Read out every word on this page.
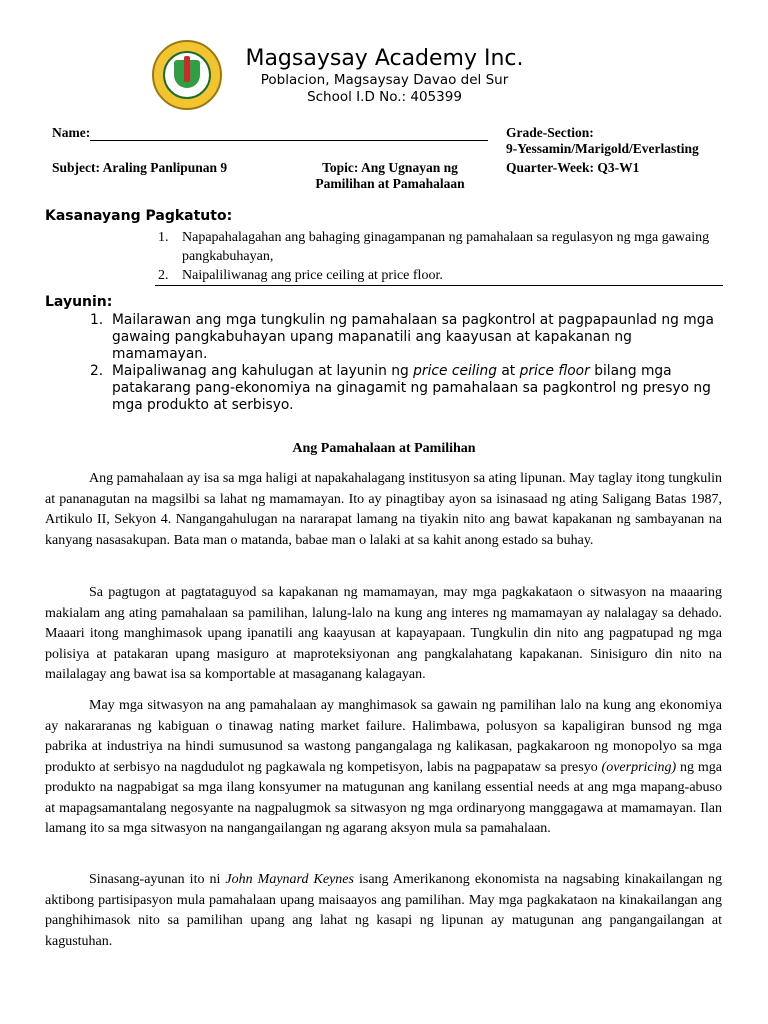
Magsaysay Academy Inc.
Poblacion, Magsaysay Davao del Sur
School I.D No.: 405399
Name:	Grade-Section:
9-Yessamin/Marigold/Everlasting
Subject: Araling Panlipunan 9	Topic: Ang Ugnayan ng
Pamilihan at Pamahalaan
Quarter-Week: Q3-W1
Kasanayang Pagkatuto:
1. Napapahalagahan ang bahaging ginagampanan ng pamahalaan sa regulasyon ng mga gawaing pangkabuhayan,
2. Naipaliliwanag ang price ceiling at price floor.
Layunin:
1. Mailarawan ang mga tungkulin ng pamahalaan sa pagkontrol at pagpapaunlad ng mga gawaing pangkabuhayan upang mapanatili ang kaayusan at kapakanan ng mamamayan.
2. Maipaliwanag ang kahulugan at layunin ng price ceiling at price floor bilang mga patakarang pang-ekonomiya na ginagamit ng pamahalaan sa pagkontrol ng presyo ng mga produkto at serbisyo.
Ang Pamahalaan at Pamilihan

Ang pamahalaan ay isa sa mga haligi at napakahalagang institusyon sa ating lipunan. May taglay itong tungkulin at pananagutan na magsilbi sa lahat ng mamamayan. Ito ay pinagtibay ayon sa isinasaad ng ating Saligang Batas 1987, Artikulo II, Sekyon 4. Nangangahulugan na nararapat lamang na tiyakin nito ang bawat kapakanan ng sambayanan na kanyang nasasakupan. Bata man o matanda, babae man o lalaki at sa kahit anong estado sa buhay.

Sa pagtugon at pagtataguyod sa kapakanan ng mamamayan, may mga pagkakataon o sitwasyon na maaaring makialam ang ating pamahalaan sa pamilihan, lalung-lalo na kung ang interes ng mamamayan ay nalalagay sa dehado. Maaari itong manghimasok upang ipanatili ang kaayusan at kapayapaan. Tungkulin din nito ang pagpatupad ng mga polisiya at patakaran upang masiguro at maproteksiyonan ang pangkalahatang kapakanan. Sinisiguro din nito na mailalagay ang bawat isa sa komportable at masaganang kalagayan.

May mga sitwasyon na ang pamahalaan ay manghimasok sa gawain ng pamilihan lalo na kung ang ekonomiya ay nakararanas ng kabiguan o tinawag nating market failure. Halimbawa, polusyon sa kapaligiran bunsod ng mga pabrika at industriya na hindi sumusunod sa wastong pangangalaga ng kalikasan, pagkakaroon ng monopolyo sa mga produkto at serbisyo na nagdudulot ng pagkawala ng kompetisyon, labis na pagpapataw sa presyo (overpricing) ng mga produkto na nagpabigat sa mga ilang konsyumer na matugunan ang kanilang essential needs at ang mga mapang-abuso at mapagsamantalang negosyante na nagpalugmok sa sitwasyon ng mga ordinaryong manggagawa at mamamayan. Ilan lamang ito sa mga sitwasyon na nangangailangan ng agarang aksyon mula sa pamahalaan.

Sinasang-ayunan ito ni John Maynard Keynes isang Amerikanong ekonomista na nagsabing kinakailangan ng aktibong partisipasyon mula pamahalaan upang maisaayos ang pamilihan. May mga pagkakataon na kinakailangan ang panghihimasok nito sa pamilihan upang ang lahat ng kasapi ng lipunan ay matugunan ang pangangailangan at kagustuhan.
